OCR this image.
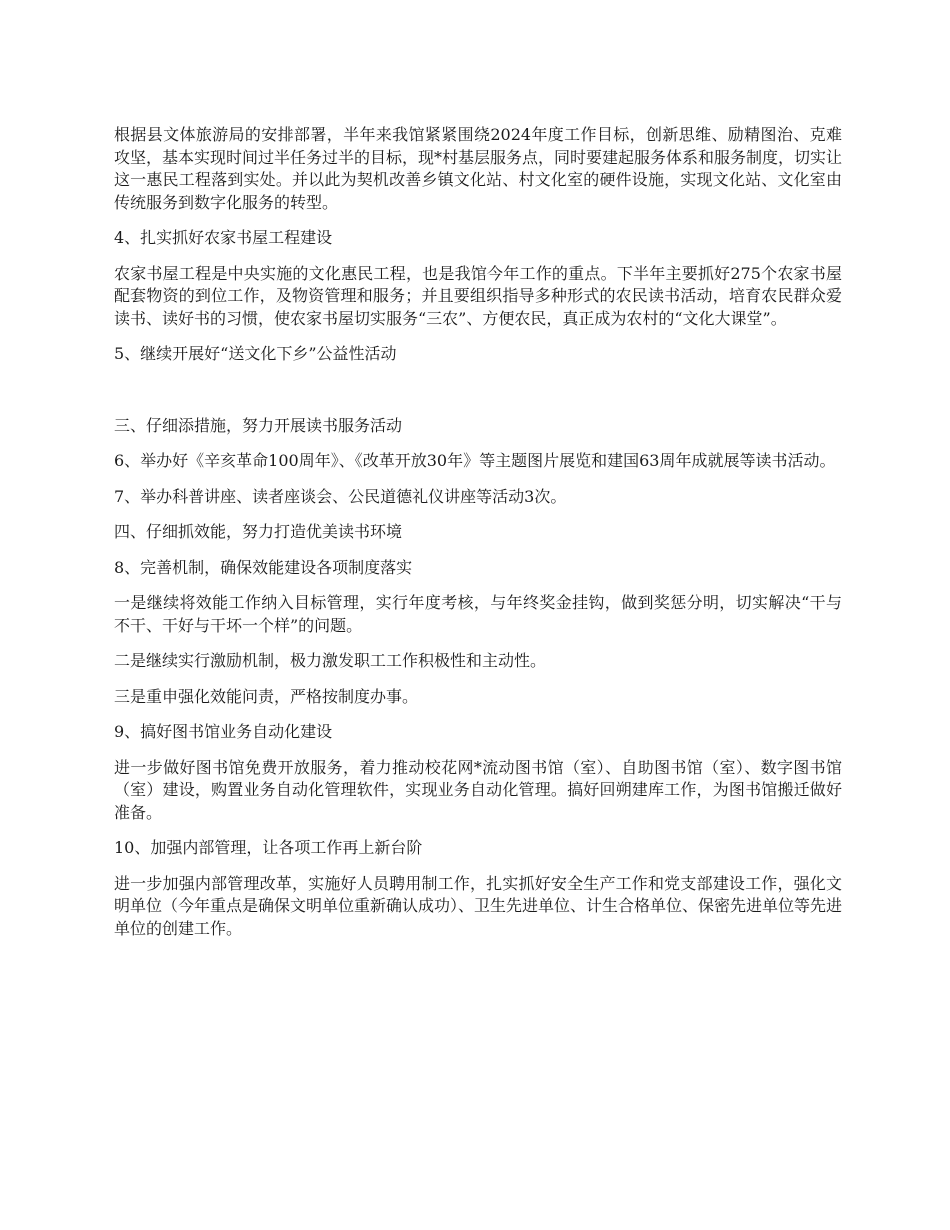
根据县文体旅游局的安排部署，半年来我馆紧紧围绕2024年度工作目标，创新思维、励精图治、克难攻坚，基本实现时间过半任务过半的目标，现*村基层服务点，同时要建起服务体系和服务制度，切实让这一惠民工程落到实处。并以此为契机改善乡镇文化站、村文化室的硬件设施，实现文化站、文化室由传统服务到数字化服务的转型。

4、扎实抓好农家书屋工程建设

农家书屋工程是中央实施的文化惠民工程，也是我馆今年工作的重点。下半年主要抓好275个农家书屋配套物资的到位工作，及物资管理和服务；并且要组织指导多种形式的农民读书活动，培育农民群众爱读书、读好书的习惯，使农家书屋切实服务“三农”、方便农民，真正成为农村的“文化大课堂”。

5、继续开展好“送文化下乡”公益性活动

三、仔细添措施，努力开展读书服务活动

6、举办好《辛亥革命100周年》、《改革开放30年》等主题图片展览和建国63周年成就展等读书活动。

7、举办科普讲座、读者座谈会、公民道德礼仪讲座等活动3次。

四、仔细抓效能，努力打造优美读书环境

8、完善机制，确保效能建设各项制度落实

一是继续将效能工作纳入目标管理，实行年度考核，与年终奖金挂钩，做到奖惩分明，切实解决“干与不干、干好与干坏一个样”的问题。

二是继续实行激励机制，极力激发职工工作积极性和主动性。

三是重申强化效能问责，严格按制度办事。

9、搞好图书馆业务自动化建设

进一步做好图书馆免费开放服务，着力推动校花网*流动图书馆（室）、自助图书馆（室）、数字图书馆（室）建设，购置业务自动化管理软件，实现业务自动化管理。搞好回朔建库工作，为图书馆搬迁做好准备。

10、加强内部管理，让各项工作再上新台阶

进一步加强内部管理改革，实施好人员聘用制工作，扎实抓好安全生产工作和党支部建设工作，强化文明单位（今年重点是确保文明单位重新确认成功）、卫生先进单位、计生合格单位、保密先进单位等先进单位的创建工作。
